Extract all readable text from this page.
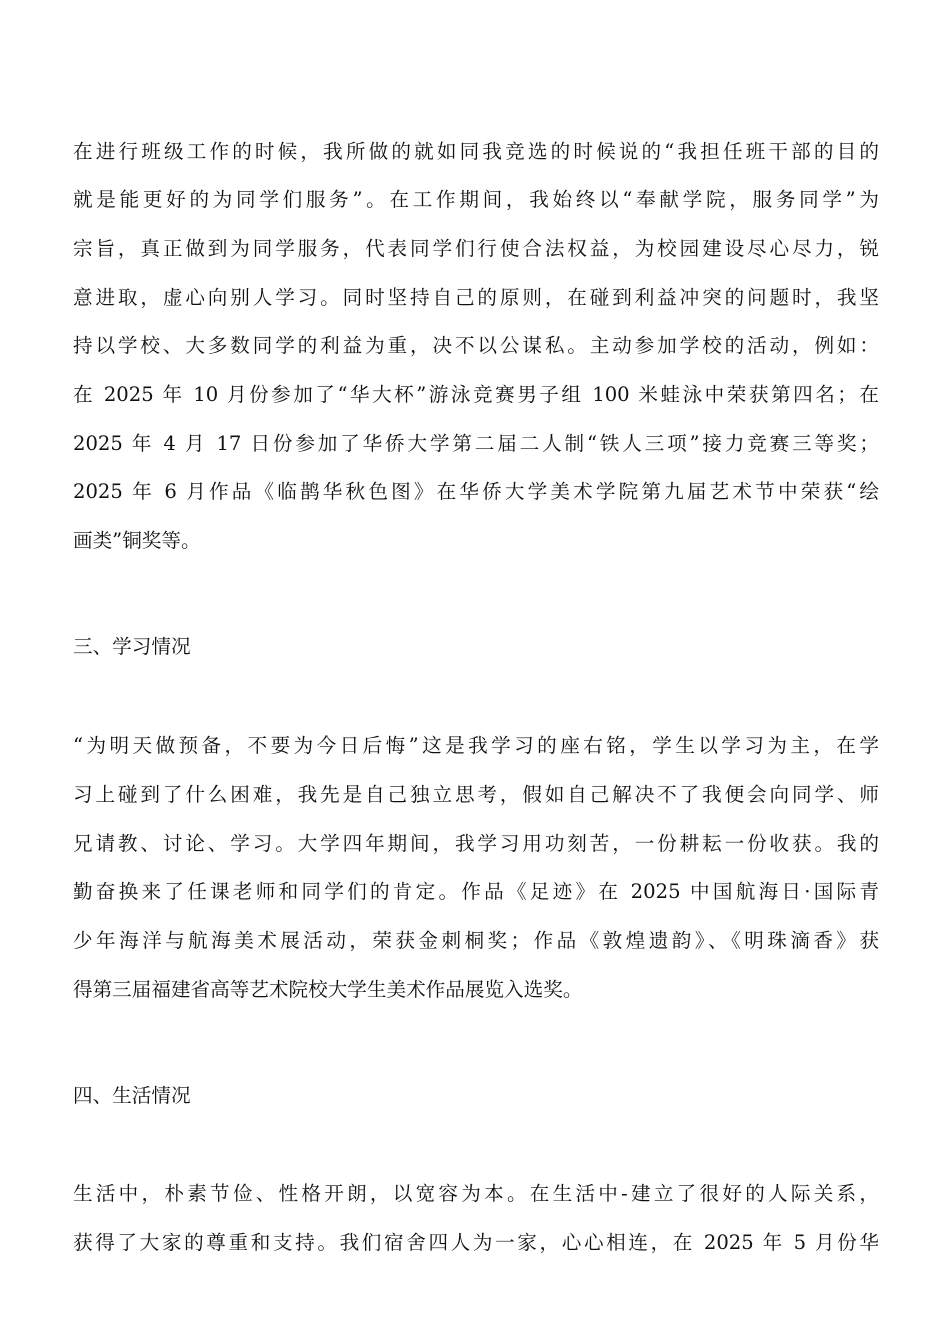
在进行班级工作的时候，我所做的就如同我竞选的时候说的“我担任班干部的目的

就是能更好的为同学们服务”。在工作期间，我始终以“奉献学院，服务同学”为

宗旨，真正做到为同学服务，代表同学们行使合法权益，为校园建设尽心尽力，锐

意进取，虚心向别人学习。同时坚持自己的原则，在碰到利益冲突的问题时，我坚

持以学校、大多数同学的利益为重，决不以公谋私。主动参加学校的活动，例如：

在 2025 年 10 月份参加了“华大杯”游泳竞赛男子组 100 米蛙泳中荣获第四名；在

2025 年 4 月 17 日份参加了华侨大学第二届二人制“铁人三项”接力竞赛三等奖；

2025 年 6 月作品《临鹊华秋色图》在华侨大学美术学院第九届艺术节中荣获“绘

画类”铜奖等。

三、学习情况

“为明天做预备，不要为今日后悔”这是我学习的座右铭，学生以学习为主，在学

习上碰到了什么困难，我先是自己独立思考，假如自己解决不了我便会向同学、师

兄请教、讨论、学习。大学四年期间，我学习用功刻苦，一份耕耘一份收获。我的

勤奋换来了任课老师和同学们的肯定。作品《足迹》在 2025 中国航海日·国际青

少年海洋与航海美术展活动，荣获金刺桐奖；作品《敦煌遗韵》、《明珠滴香》获

得第三届福建省高等艺术院校大学生美术作品展览入选奖。

四、生活情况

生活中，朴素节俭、性格开朗，以宽容为本。在生活中-建立了很好的人际关系，

获得了大家的尊重和支持。我们宿舍四人为一家，心心相连，在 2025 年 5 月份华
